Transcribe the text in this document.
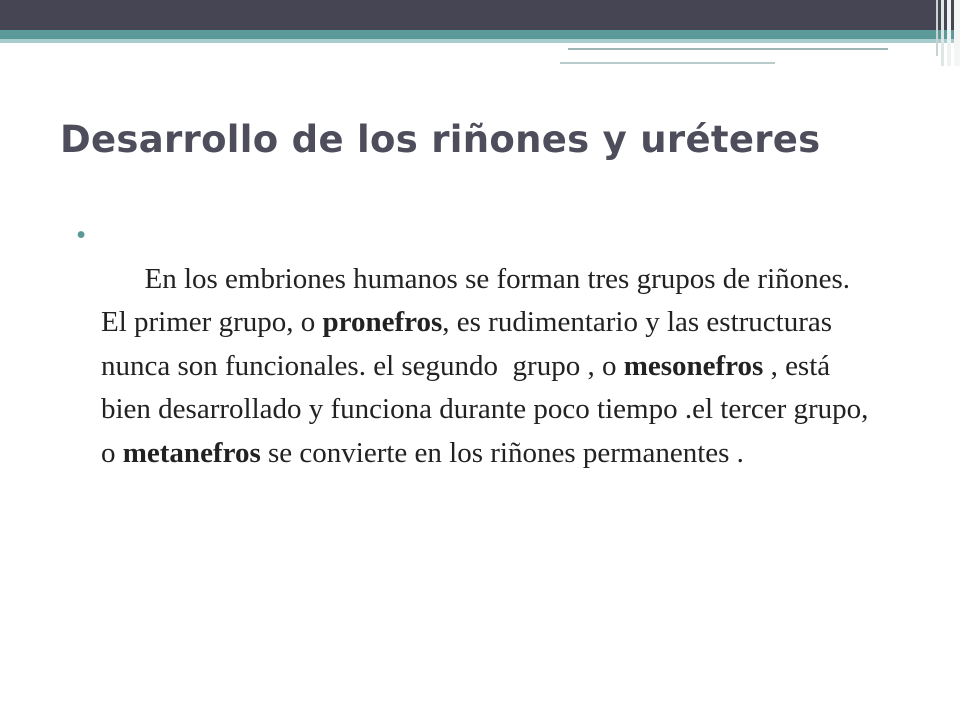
Desarrollo de los riñones y uréteres
•

En los embriones humanos se forman tres grupos de riñones. El primer grupo, o pronefros, es rudimentario y las estructuras nunca son funcionales. el segundo  grupo , o mesonefros , está bien desarrollado y funciona durante poco tiempo .el tercer grupo, o metanefros se convierte en los riñones permanentes .
